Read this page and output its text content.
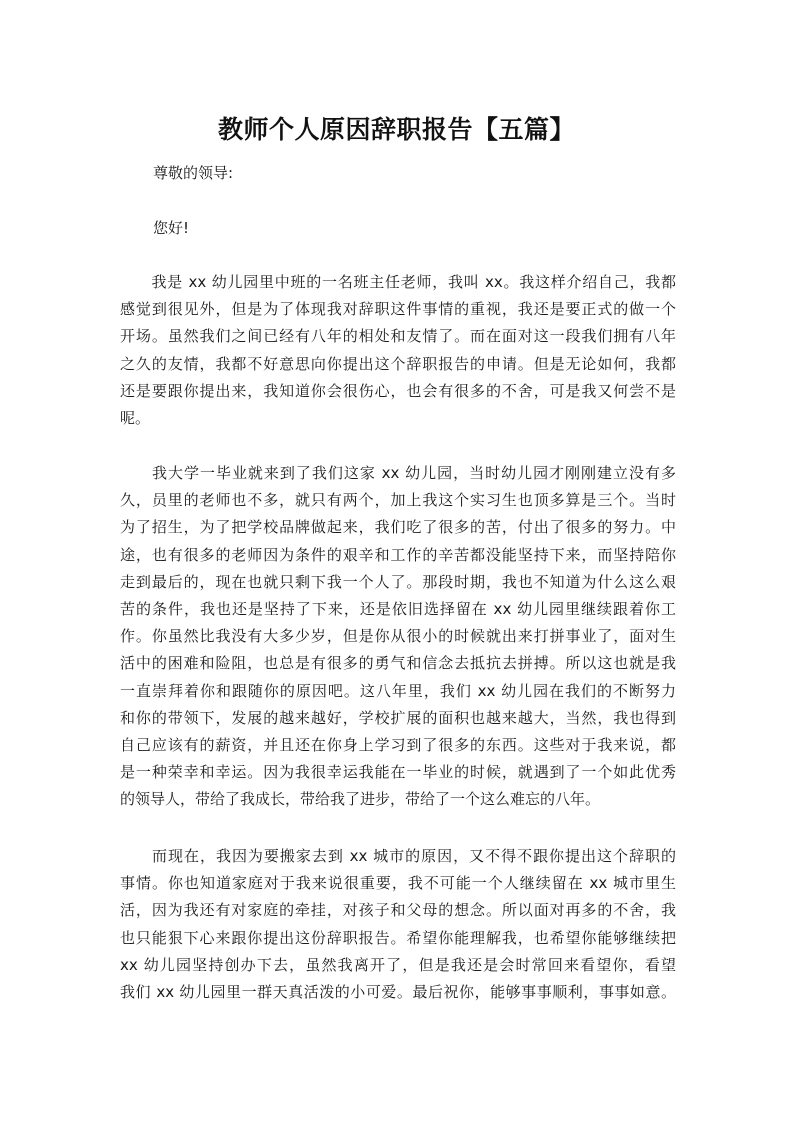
教师个人原因辞职报告【五篇】

尊敬的领导:

您好!

　　我是 xx 幼儿园里中班的一名班主任老师，我叫 xx。我这样介绍自己，我都
感觉到很见外，但是为了体现我对辞职这件事情的重视，我还是要正式的做一个
开场。虽然我们之间已经有八年的相处和友情了。而在面对这一段我们拥有八年
之久的友情，我都不好意思向你提出这个辞职报告的申请。但是无论如何，我都
还是要跟你提出来，我知道你会很伤心，也会有很多的不舍，可是我又何尝不是
呢。
　　我大学一毕业就来到了我们这家 xx 幼儿园，当时幼儿园才刚刚建立没有多
久，员里的老师也不多，就只有两个，加上我这个实习生也顶多算是三个。当时
为了招生，为了把学校品牌做起来，我们吃了很多的苦，付出了很多的努力。中
途，也有很多的老师因为条件的艰辛和工作的辛苦都没能坚持下来，而坚持陪你
走到最后的，现在也就只剩下我一个人了。那段时期，我也不知道为什么这么艰
苦的条件，我也还是坚持了下来，还是依旧选择留在 xx 幼儿园里继续跟着你工
作。你虽然比我没有大多少岁，但是你从很小的时候就出来打拼事业了，面对生
活中的困难和险阻，也总是有很多的勇气和信念去抵抗去拼搏。所以这也就是我
一直崇拜着你和跟随你的原因吧。这八年里，我们 xx 幼儿园在我们的不断努力
和你的带领下，发展的越来越好，学校扩展的面积也越来越大，当然，我也得到
自己应该有的薪资，并且还在你身上学习到了很多的东西。这些对于我来说，都
是一种荣幸和幸运。因为我很幸运我能在一毕业的时候，就遇到了一个如此优秀
的领导人，带给了我成长，带给我了进步，带给了一个这么难忘的八年。
　　而现在，我因为要搬家去到 xx 城市的原因，又不得不跟你提出这个辞职的
事情。你也知道家庭对于我来说很重要，我不可能一个人继续留在 xx 城市里生
活，因为我还有对家庭的牵挂，对孩子和父母的想念。所以面对再多的不舍，我
也只能狠下心来跟你提出这份辞职报告。希望你能理解我，也希望你能够继续把
xx 幼儿园坚持创办下去，虽然我离开了，但是我还是会时常回来看望你，看望
我们 xx 幼儿园里一群天真活泼的小可爱。最后祝你，能够事事顺利，事事如意。
